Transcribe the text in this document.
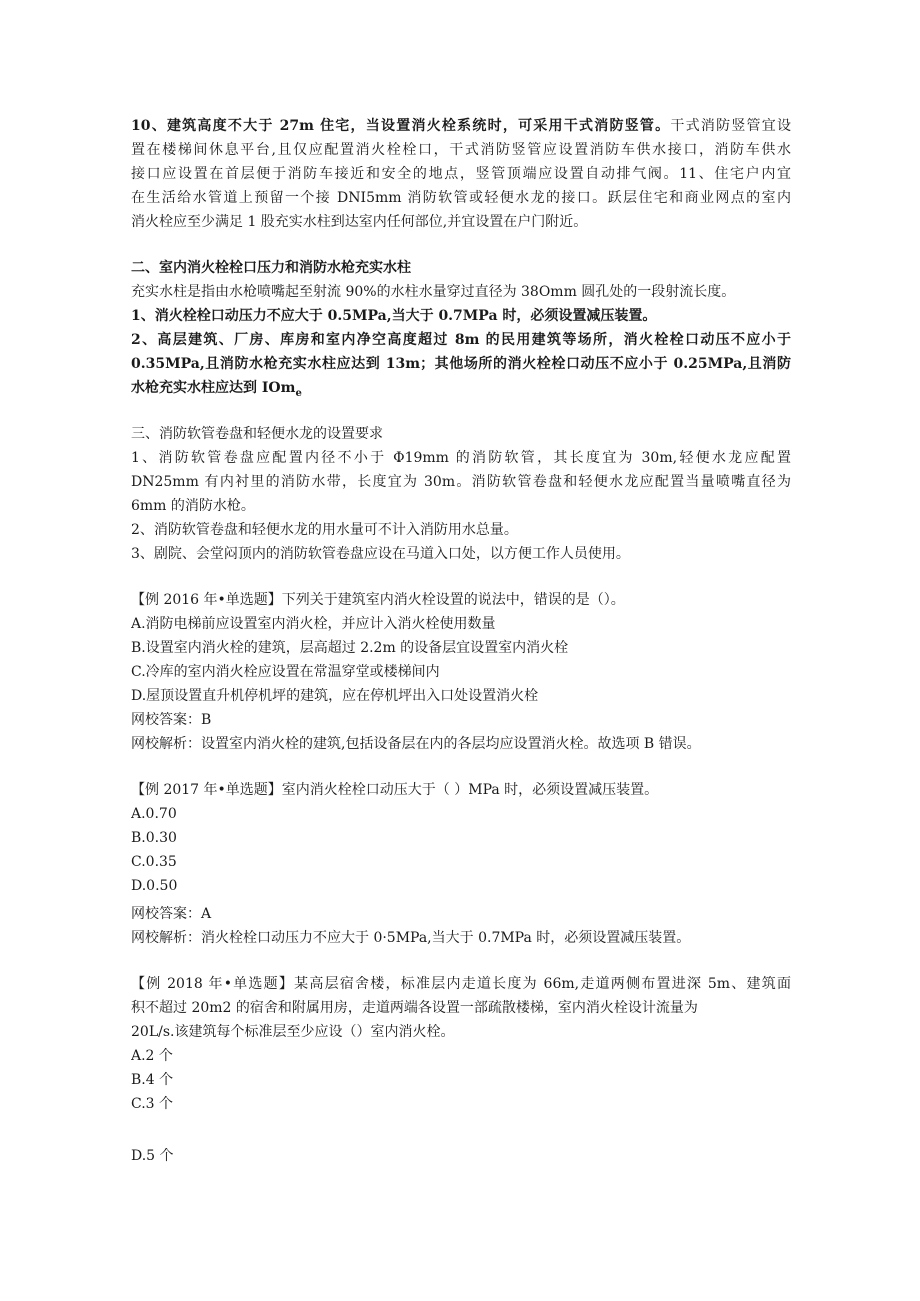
10、建筑高度不大于 27m 住宅，当设置消火栓系统时，可采用干式消防竖管。干式消防竖管宜设

置在楼梯间休息平台,且仅应配置消火栓栓口，干式消防竖管应设置消防车供水接口，消防车供水

接口应设置在首层便于消防车接近和安全的地点，竖管顶端应设置自动排气阀。11、住宅户内宜

在生活给水管道上预留一个接 DNI5mm 消防软管或轻便水龙的接口。跃层住宅和商业网点的室内

消火栓应至少满足 1 股充实水柱到达室内任何部位,并宜设置在户门附近。

二、室内消火栓栓口压力和消防水枪充实水柱

充实水柱是指由水枪喷嘴起至射流 90%的水柱水量穿过直径为 38Omm 圆孔处的一段射流长度。

1、消火栓栓口动压力不应大于 0.5MPa,当大于 0.7MPa 时，必须设置减压装置。

2、高层建筑、厂房、库房和室内净空高度超过 8m 的民用建筑等场所，消火栓栓口动压不应小于

0.35MPa,且消防水枪充实水柱应达到 13m；其他场所的消火栓栓口动压不应小于 0.25MPa,且消防

水枪充实水柱应达到 IOm$_e$

三、消防软管卷盘和轻便水龙的设置要求

1、消防软管卷盘应配置内径不小于 Φ19mm 的消防软管，其长度宜为 30m,轻便水龙应配置

DN25mm 有内衬里的消防水带，长度宜为 30m。消防软管卷盘和轻便水龙应配置当量喷嘴直径为

6mm 的消防水枪。

2、消防软管卷盘和轻便水龙的用水量可不计入消防用水总量。

3、剧院、会堂闷顶内的消防软管卷盘应设在马道入口处，以方便工作人员使用。

【例 2016 年•单选题】下列关于建筑室内消火栓设置的说法中，错误的是（）。

A.消防电梯前应设置室内消火栓，并应计入消火栓使用数量

B.设置室内消火栓的建筑，层高超过 2.2m 的设备层宜设置室内消火栓

C.冷库的室内消火栓应设置在常温穿堂或楼梯间内

D.屋顶设置直升机停机坪的建筑，应在停机坪出入口处设置消火栓

网校答案：B

网校解析：设置室内消火栓的建筑,包括设备层在内的各层均应设置消火栓。故选项 B 错误。

【例 2017 年•单选题】室内消火栓栓口动压大于（ ）MPa 时，必须设置减压装置。

A.0.70

B.0.30

C.0.35

D.0.50

网校答案：A

网校解析：消火栓栓口动压力不应大于 0·5MPa,当大于 0.7MPa 时，必须设置减压装置。

【例 2018 年•单选题】某高层宿舍楼，标准层内走道长度为 66m,走道两侧布置进深 5m、建筑面

积不超过 20m2 的宿舍和附属用房，走道两端各设置一部疏散楼梯，室内消火栓设计流量为

20L/s.该建筑每个标准层至少应设（）室内消火栓。

A.2 个

B.4 个

C.3 个

D.5 个
